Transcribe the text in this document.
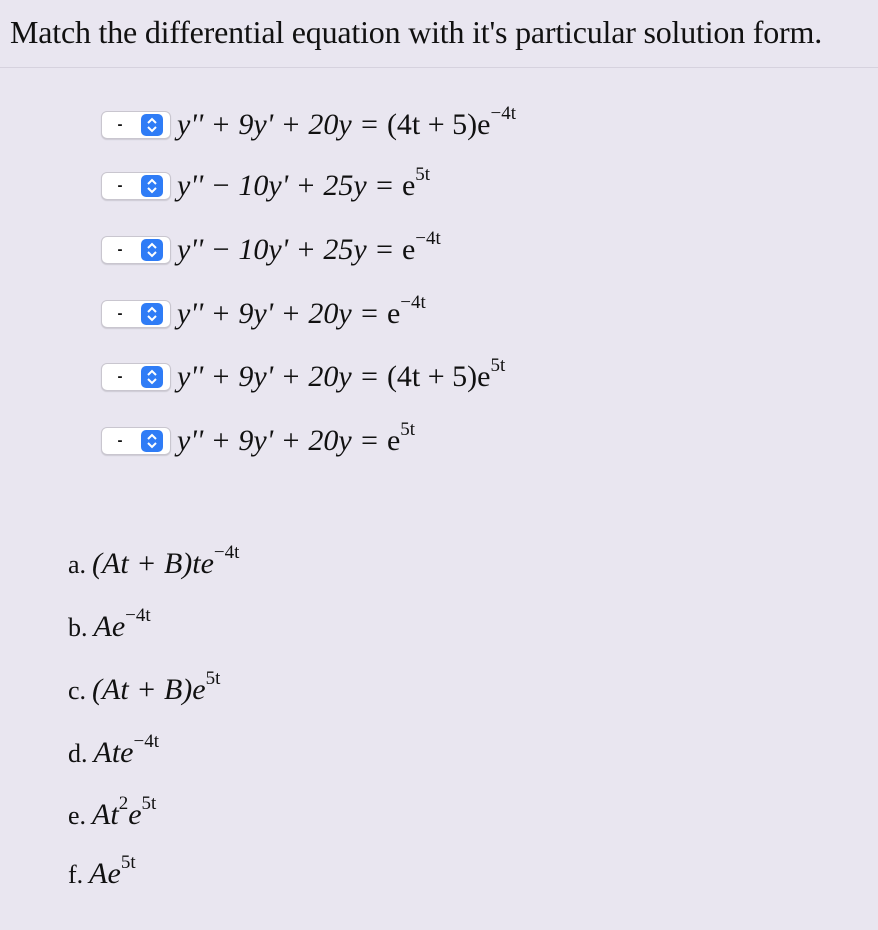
Match the differential equation with it's particular solution form.
-	$y'' + 9y' + 20y = (4t + 5)e^{-4t}$
-	$y'' - 10y' + 25y = e^{5t}$
-	$y'' - 10y' + 25y = e^{-4t}$
-	$y'' + 9y' + 20y = e^{-4t}$
-	$y'' + 9y' + 20y = (4t + 5)e^{5t}$
-	$y'' + 9y' + 20y = e^{5t}$
a. $(At + B)te^{-4t}$
b. $Ae^{-4t}$
c. $(At + B)e^{5t}$
d. Ate$^{-4t}$
e. $At^2e^{5t}$
f. $Ae^{5t}$
